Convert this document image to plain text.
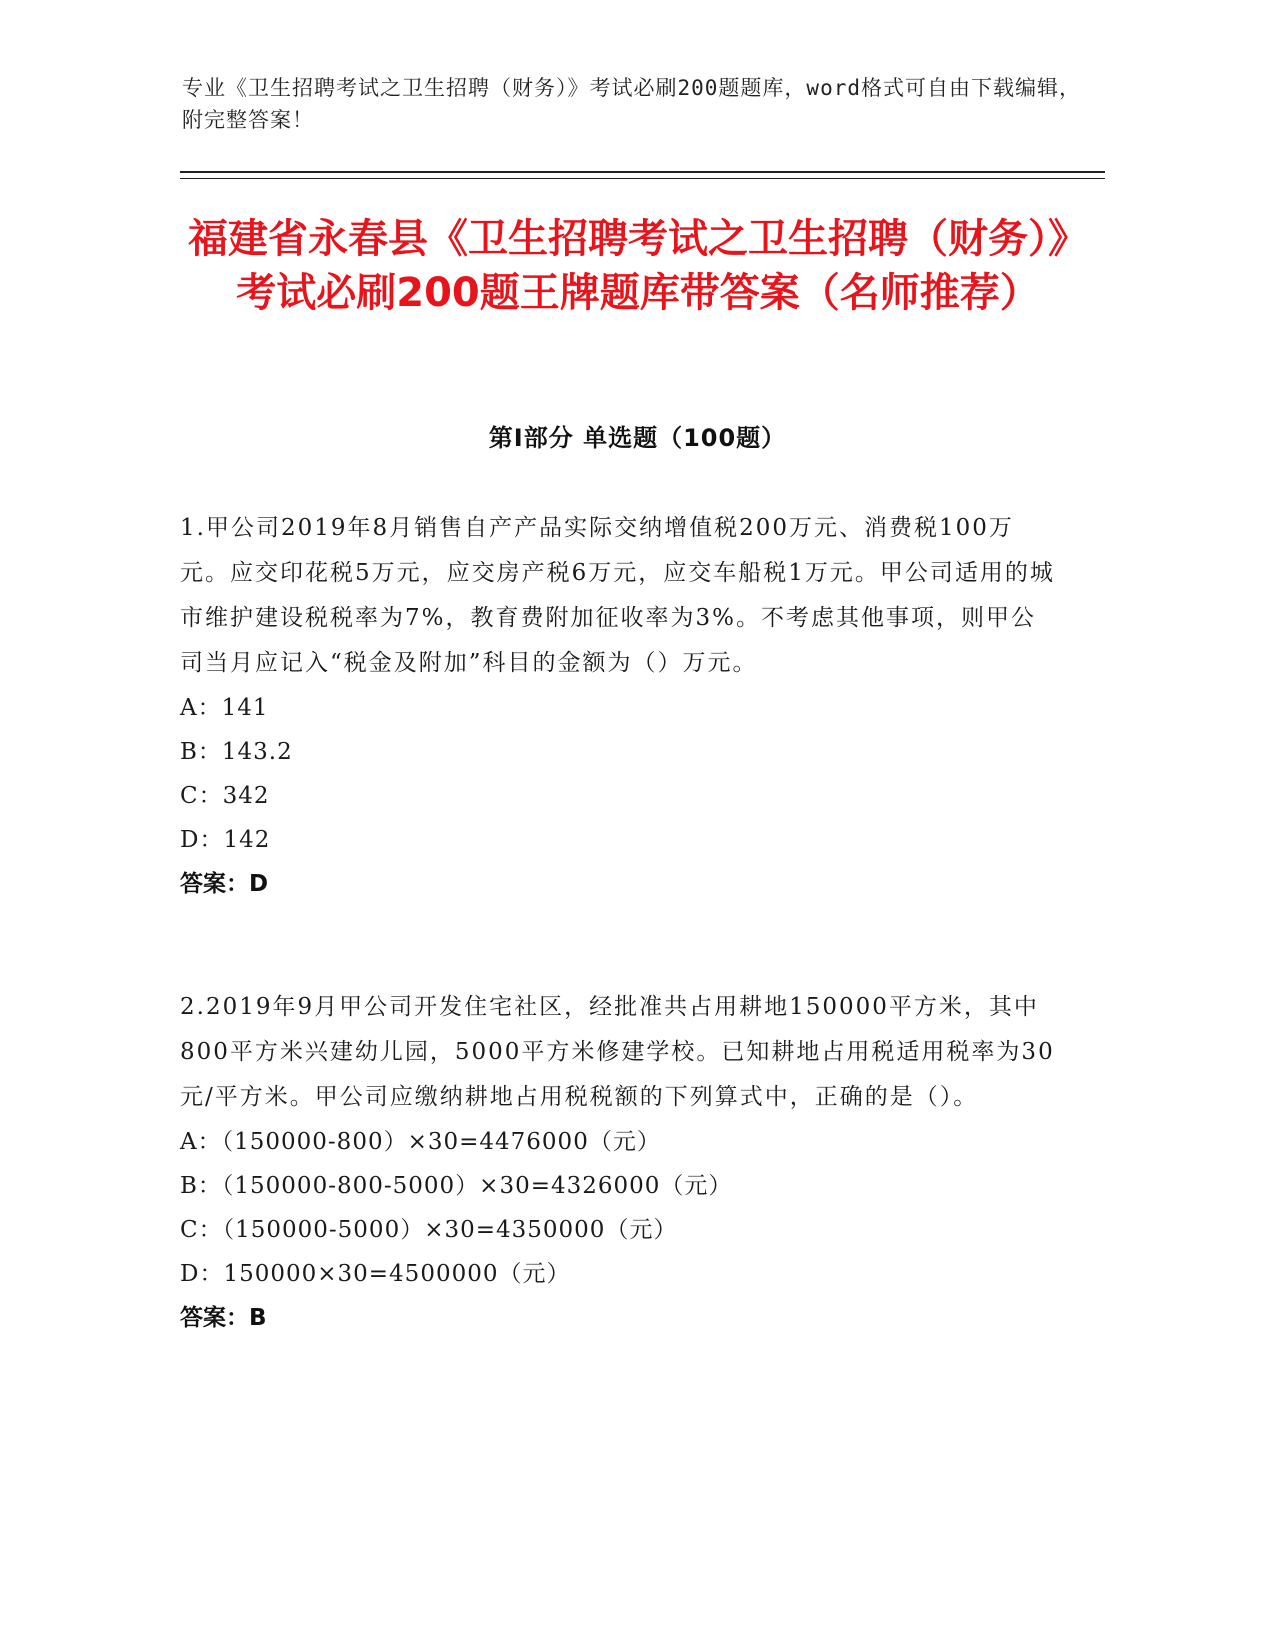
专业《卫生招聘考试之卫生招聘（财务）》考试必刷200题题库，word格式可自由下载编辑，附完整答案！
福建省永春县《卫生招聘考试之卫生招聘（财务）》考试必刷200题王牌题库带答案（名师推荐）
第I部分 单选题（100题）
1.甲公司2019年8月销售自产产品实际交纳增值税200万元、消费税100万元。应交印花税5万元，应交房产税6万元，应交车船税1万元。甲公司适用的城市维护建设税税率为7%，教育费附加征收率为3%。不考虑其他事项，则甲公司当月应记入“税金及附加”科目的金额为（）万元。
A：141
B：143.2
C：342
D：142
答案：D
2.2019年9月甲公司开发住宅社区，经批准共占用耕地150000平方米，其中800平方米兴建幼儿园，5000平方米修建学校。已知耕地占用税适用税率为30元/平方米。甲公司应缴纳耕地占用税税额的下列算式中，正确的是（）。
A：（150000-800）×30=4476000（元）
B：（150000-800-5000）×30=4326000（元）
C：（150000-5000）×30=4350000（元）
D：150000×30=4500000（元）
答案：B
